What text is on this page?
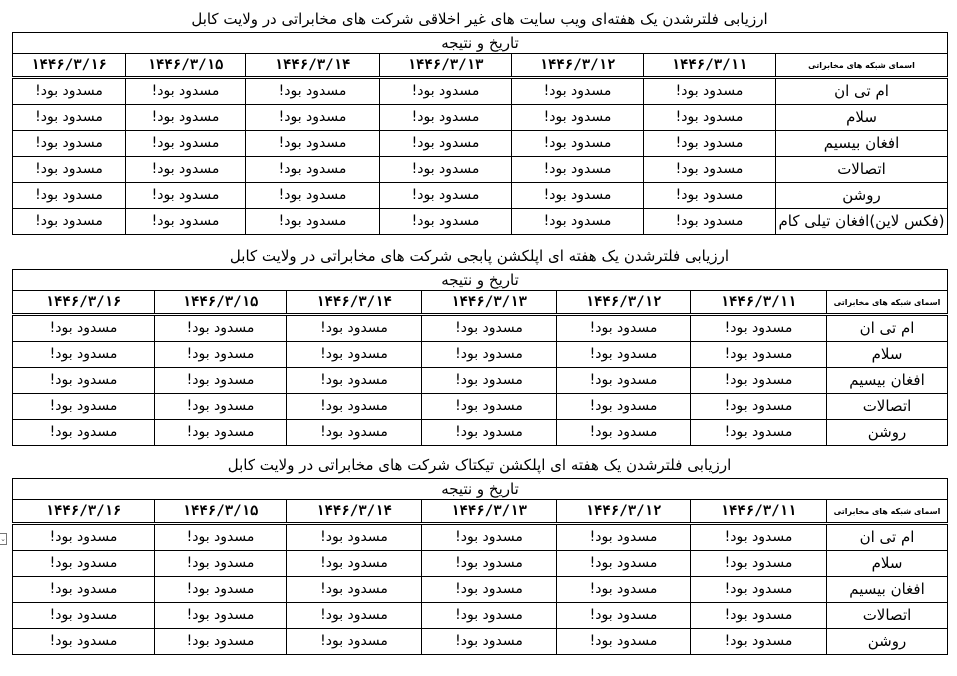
ارزیابی فلترشدن یک هفته‌ای ویب سایت های غیر اخلاقی شرکت های مخابراتی در ولایت کابل
تاریخ و نتیجه						
اسمای شبکه های مخابراتی	۱۴۴۶/۳/۱۱	۱۴۴۶/۳/۱۲	۱۴۴۶/۳/۱۳	۱۴۴۶/۳/۱۴	۱۴۴۶/۳/۱۵	۱۴۴۶/۳/۱۶
ام تی ان	مسدود بود!	مسدود بود!	مسدود بود!	مسدود بود!	مسدود بود!	مسدود بود!
سلام	مسدود بود!	مسدود بود!	مسدود بود!	مسدود بود!	مسدود بود!	مسدود بود!
افغان بیسیم	مسدود بود!	مسدود بود!	مسدود بود!	مسدود بود!	مسدود بود!	مسدود بود!
اتصالات	مسدود بود!	مسدود بود!	مسدود بود!	مسدود بود!	مسدود بود!	مسدود بود!
روشن	مسدود بود!	مسدود بود!	مسدود بود!	مسدود بود!	مسدود بود!	مسدود بود!
(فکس لاین)افغان تیلی کام	مسدود بود!	مسدود بود!	مسدود بود!	مسدود بود!	مسدود بود!	مسدود بود!
ارزیابی فلترشدن یک هفته ای اپلکشن پابجی شرکت های مخابراتی در ولایت کابل
تاریخ و نتیجه						
اسمای شبکه های مخابراتی	۱۴۴۶/۳/۱۱	۱۴۴۶/۳/۱۲	۱۴۴۶/۳/۱۳	۱۴۴۶/۳/۱۴	۱۴۴۶/۳/۱۵	۱۴۴۶/۳/۱۶
ام تی ان	مسدود بود!	مسدود بود!	مسدود بود!	مسدود بود!	مسدود بود!	مسدود بود!
سلام	مسدود بود!	مسدود بود!	مسدود بود!	مسدود بود!	مسدود بود!	مسدود بود!
افغان بیسیم	مسدود بود!	مسدود بود!	مسدود بود!	مسدود بود!	مسدود بود!	مسدود بود!
اتصالات	مسدود بود!	مسدود بود!	مسدود بود!	مسدود بود!	مسدود بود!	مسدود بود!
روشن	مسدود بود!	مسدود بود!	مسدود بود!	مسدود بود!	مسدود بود!	مسدود بود!
ارزیابی فلترشدن یک هفته ای اپلکشن تیکتاک شرکت های مخابراتی در ولایت کابل
تاریخ و نتیجه						
اسمای شبکه های مخابراتی	۱۴۴۶/۳/۱۱	۱۴۴۶/۳/۱۲	۱۴۴۶/۳/۱۳	۱۴۴۶/۳/۱۴	۱۴۴۶/۳/۱۵	۱۴۴۶/۳/۱۶
ام تی ان	مسدود بود!	مسدود بود!	مسدود بود!	مسدود بود!	مسدود بود!	مسدود بود!
سلام	مسدود بود!	مسدود بود!	مسدود بود!	مسدود بود!	مسدود بود!	مسدود بود!
افغان بیسیم	مسدود بود!	مسدود بود!	مسدود بود!	مسدود بود!	مسدود بود!	مسدود بود!
اتصالات	مسدود بود!	مسدود بود!	مسدود بود!	مسدود بود!	مسدود بود!	مسدود بود!
روشن	مسدود بود!	مسدود بود!	مسدود بود!	مسدود بود!	مسدود بود!	مسدود بود!
⌄
